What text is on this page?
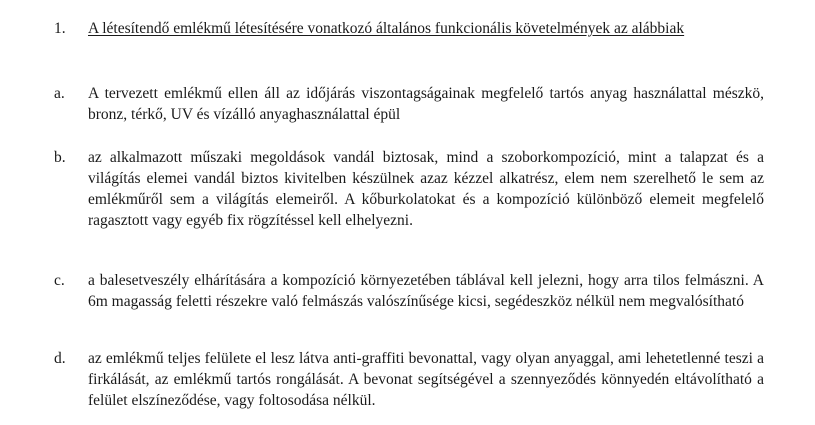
1.	A létesítendő emlékmű létesítésére vonatkozó általános funkcionális követelmények az alábbiak
a.	A tervezett emlékmű ellen áll az időjárás viszontagságainak megfelelő tartós anyag használattal mészkö, bronz, térkő, UV és vízálló anyaghasználattal épül
b.	az alkalmazott műszaki megoldások vandál biztosak, mind a szoborkompozíció, mint a talapzat és a világítás elemei vandál biztos kivitelben készülnek azaz kézzel alkatrész, elem nem szerelhető le sem az emlékműről sem a világítás elemeiről. A kőburkolatokat és a kompozíció különböző elemeit megfelelő ragasztott vagy egyéb fix rögzítéssel kell elhelyezni.
c.	a balesetveszély elhárítására a kompozíció környezetében táblával kell jelezni, hogy arra tilos felmászni. A 6m magasság feletti részekre való felmászás valószínűsége kicsi, segédeszköz nélkül nem megvalósítható
d.	az emlékmű teljes felülete el lesz látva anti-graffiti bevonattal, vagy olyan anyaggal, ami lehetetlenné teszi a firkálását, az emlékmű tartós rongálását. A bevonat segítségével a szennyeződés könnyedén eltávolítható a felület elszíneződése, vagy foltosodása nélkül.
